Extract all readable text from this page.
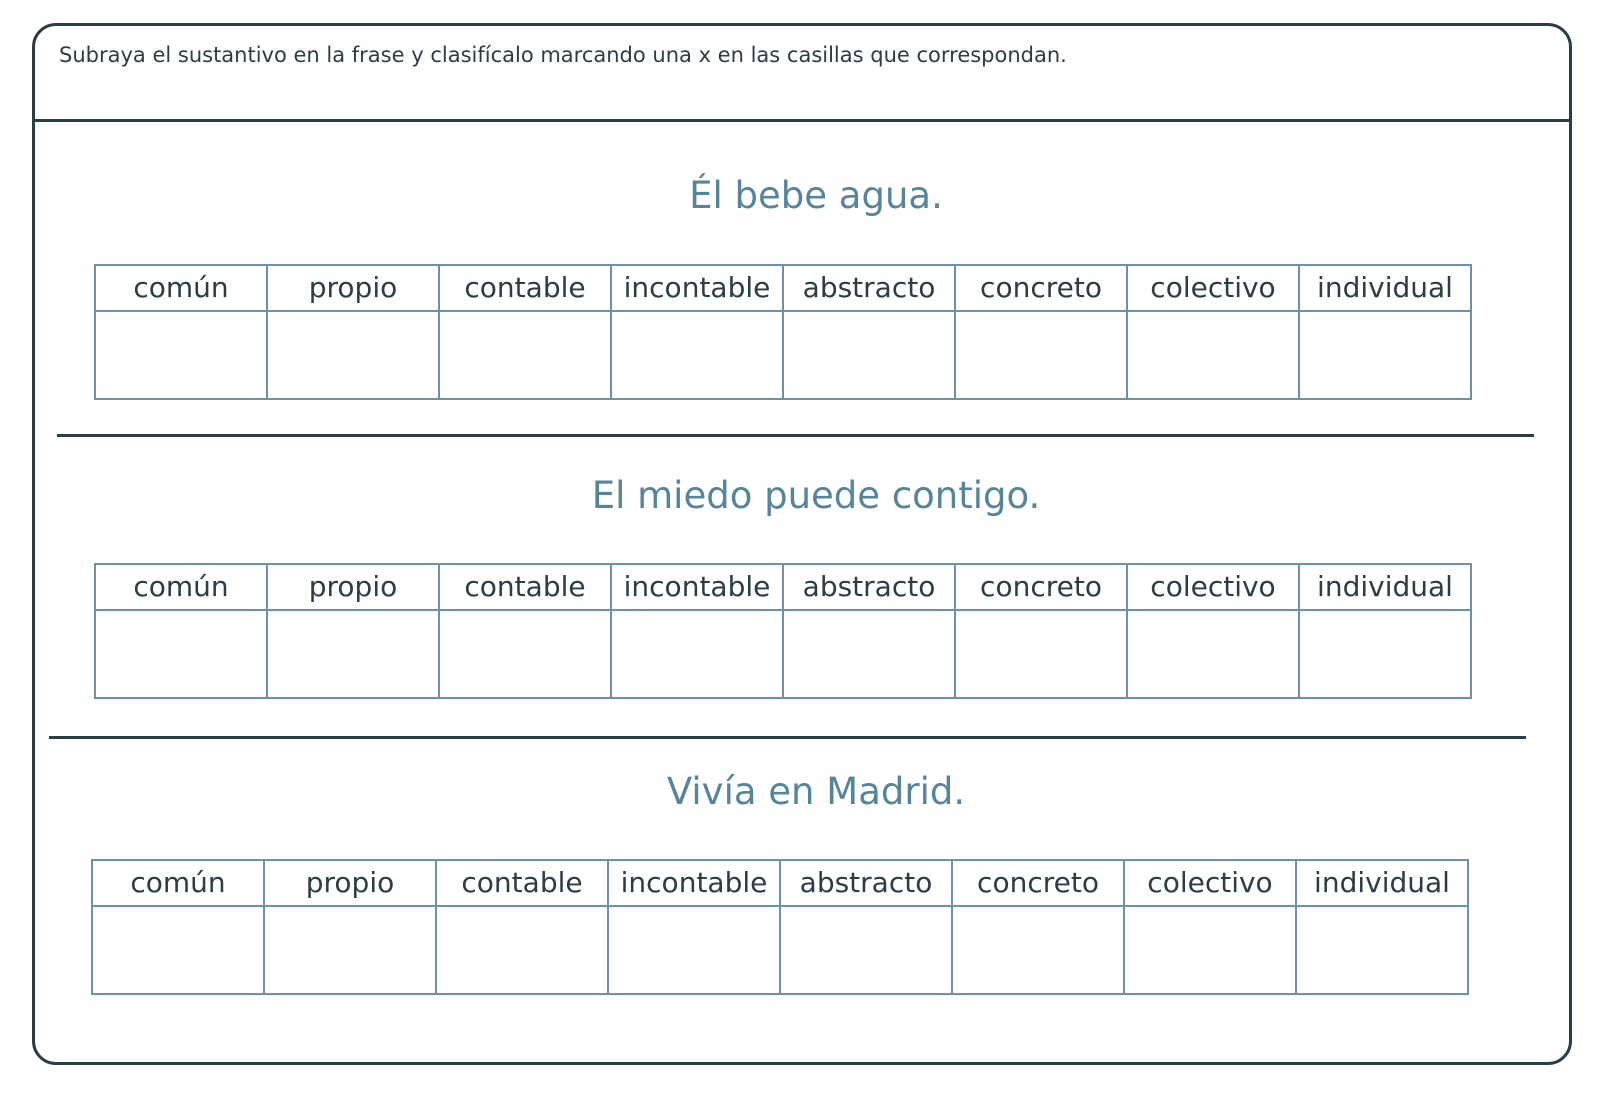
Subraya el sustantivo en la frase y clasifícalo marcando una x en las casillas que correspondan.
Él bebe agua.
común	propio	contable	incontable	abstracto	concreto	colectivo	individual

El miedo puede contigo.
común	propio	contable	incontable	abstracto	concreto	colectivo	individual

Vivía en Madrid.
común	propio	contable	incontable	abstracto	concreto	colectivo	individual
